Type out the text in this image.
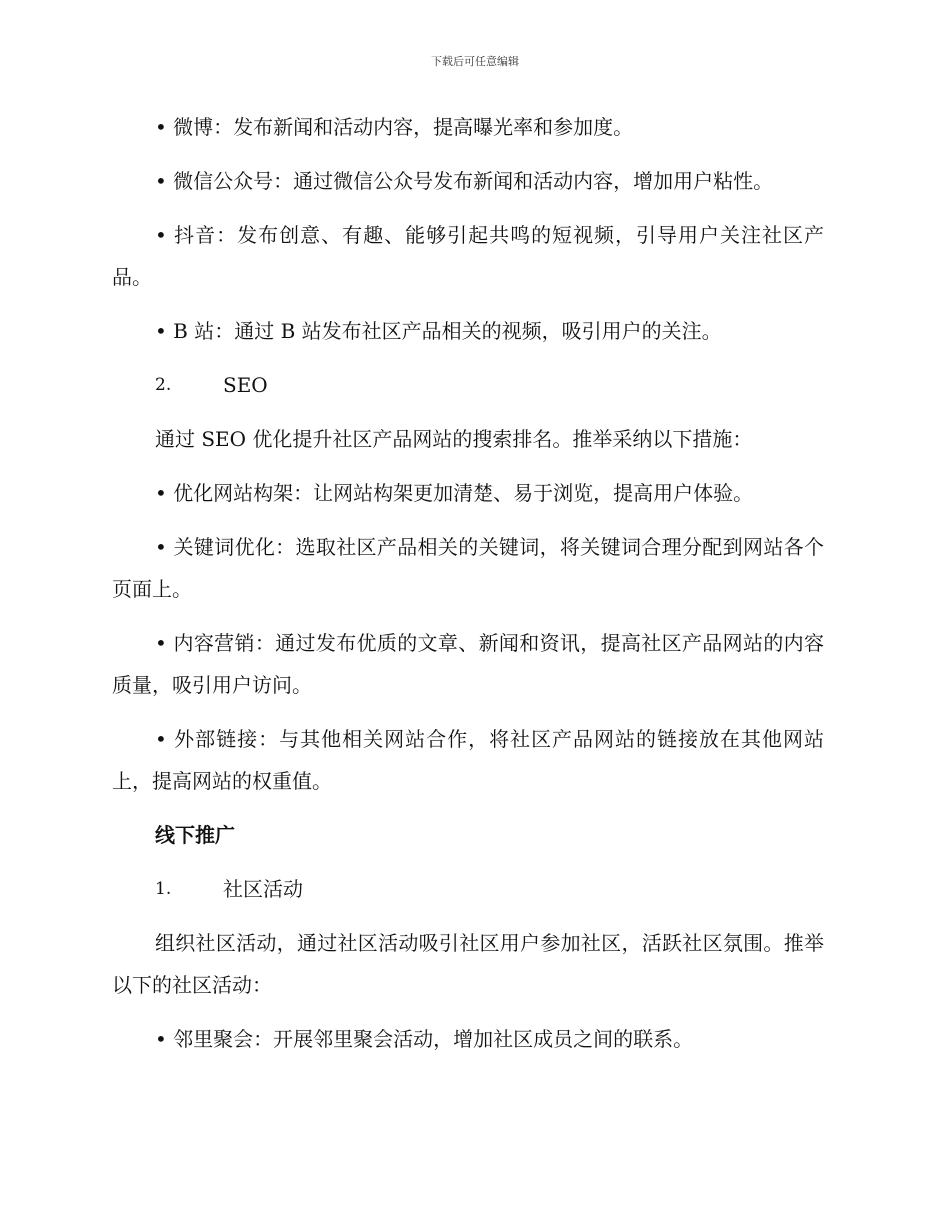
下载后可任意编辑

• 微博：发布新闻和活动内容，提高曝光率和参加度。

• 微信公众号：通过微信公众号发布新闻和活动内容，增加用户粘性。

• 抖音：发布创意、有趣、能够引起共鸣的短视频，引导用户关注社区产品。

• B 站：通过 B 站发布社区产品相关的视频，吸引用户的关注。

2.	SEO

通过 SEO 优化提升社区产品网站的搜索排名。推举采纳以下措施：

• 优化网站构架：让网站构架更加清楚、易于浏览，提高用户体验。

• 关键词优化：选取社区产品相关的关键词，将关键词合理分配到网站各个页面上。

• 内容营销：通过发布优质的文章、新闻和资讯，提高社区产品网站的内容质量，吸引用户访问。

• 外部链接：与其他相关网站合作，将社区产品网站的链接放在其他网站上，提高网站的权重值。

线下推广
1.	社区活动

组织社区活动，通过社区活动吸引社区用户参加社区，活跃社区氛围。推举以下的社区活动：

• 邻里聚会：开展邻里聚会活动，增加社区成员之间的联系。
